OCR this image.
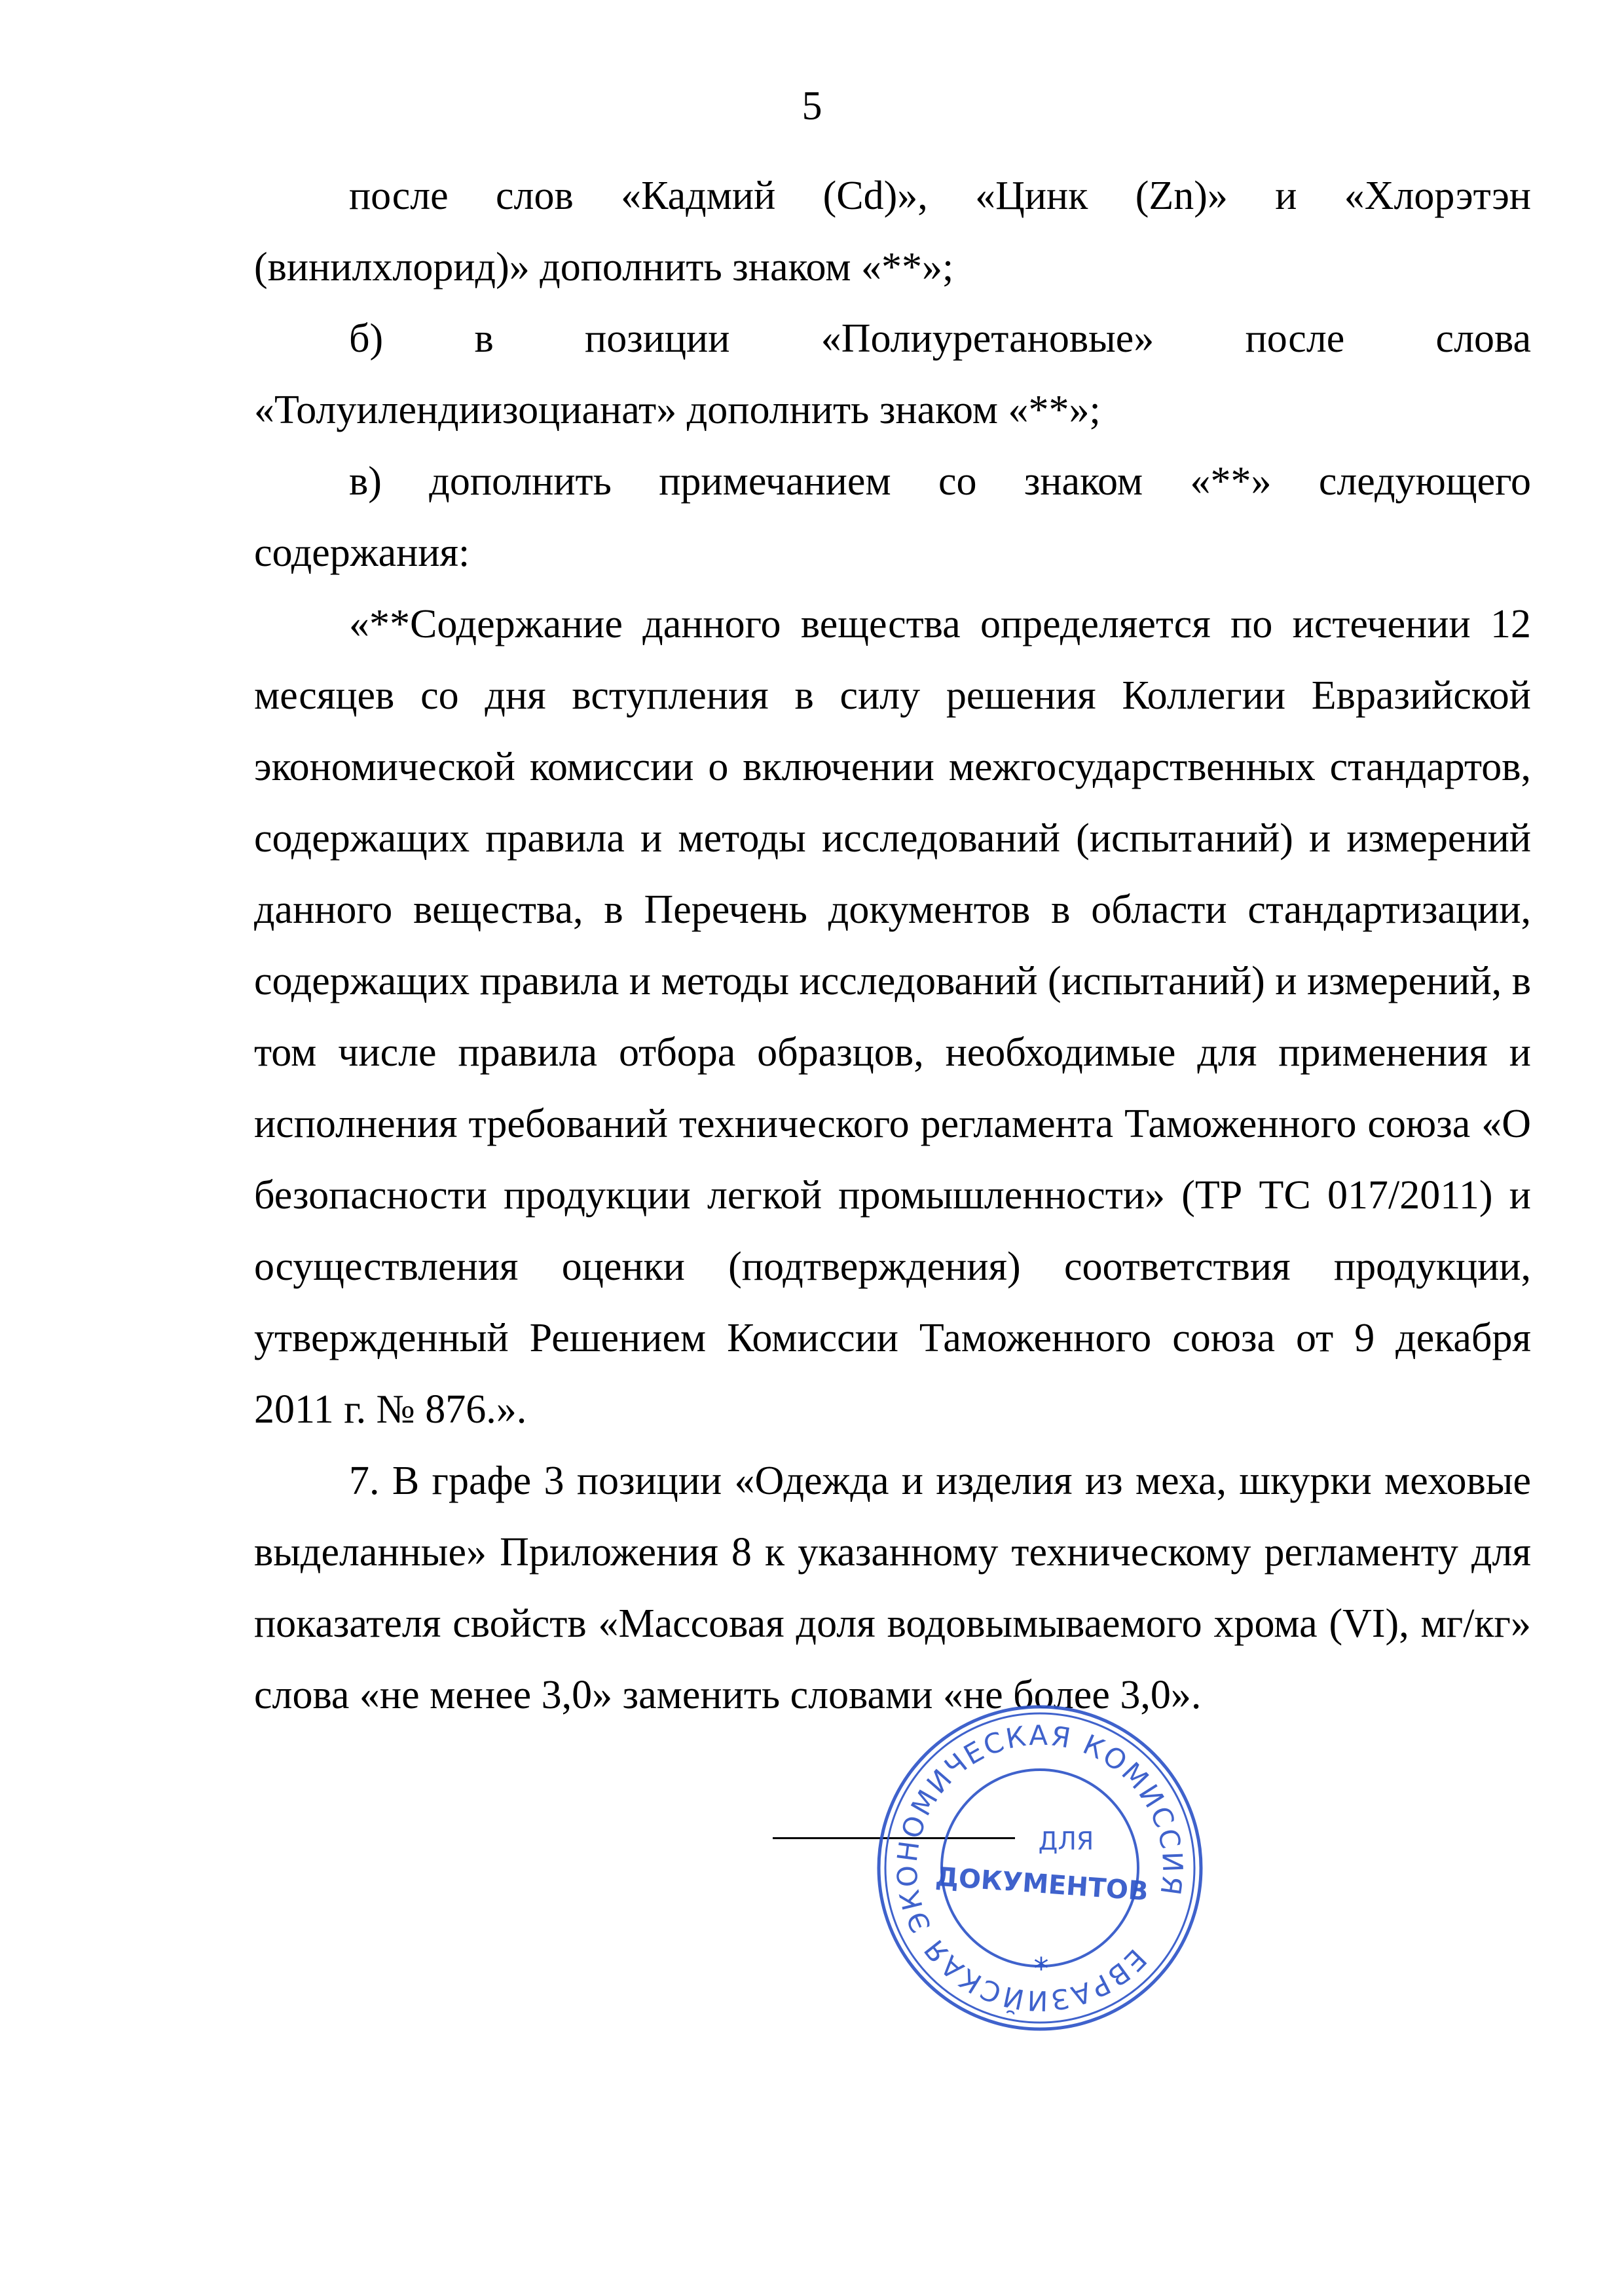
5

после слов «Кадмий (Cd)», «Цинк (Zn)» и «Хлорэтэн (винилхлорид)» дополнить знаком «**»;

б) в позиции «Полиуретановые» после слова «Толуилендиизоцианат» дополнить знаком «**»;

в) дополнить примечанием со знаком «**» следующего содержания:

«**Содержание данного вещества определяется по истечении 12 месяцев со дня вступления в силу решения Коллегии Евразийской экономической комиссии о включении межгосударственных стандартов, содержащих правила и методы исследований (испытаний) и измерений данного вещества, в Перечень документов в области стандартизации, содержащих правила и методы исследований (испытаний) и измерений, в том числе правила отбора образцов, необходимые для применения и исполнения требований технического регламента Таможенного союза «О безопасности продукции легкой промышленности» (ТР ТС 017/2011) и осуществления оценки (подтверждения) соответствия продукции, утвержденный Решением Комиссии Таможенного союза от 9 декабря 2011 г. № 876.».

7. В графе 3 позиции «Одежда и изделия из меха, шкурки меховые выделанные» Приложения 8 к указанному техническому регламенту для показателя свойств «Массовая доля водовымываемого хрома (VI), мг/кг» слова «не менее 3,0» заменить словами «не более 3,0».

ЕВРАЗИЙСКАЯ ЭКОНОМИЧЕСКАЯ КОМИССИЯ
ДЛЯ
ДОКУМЕНТОВ
*
